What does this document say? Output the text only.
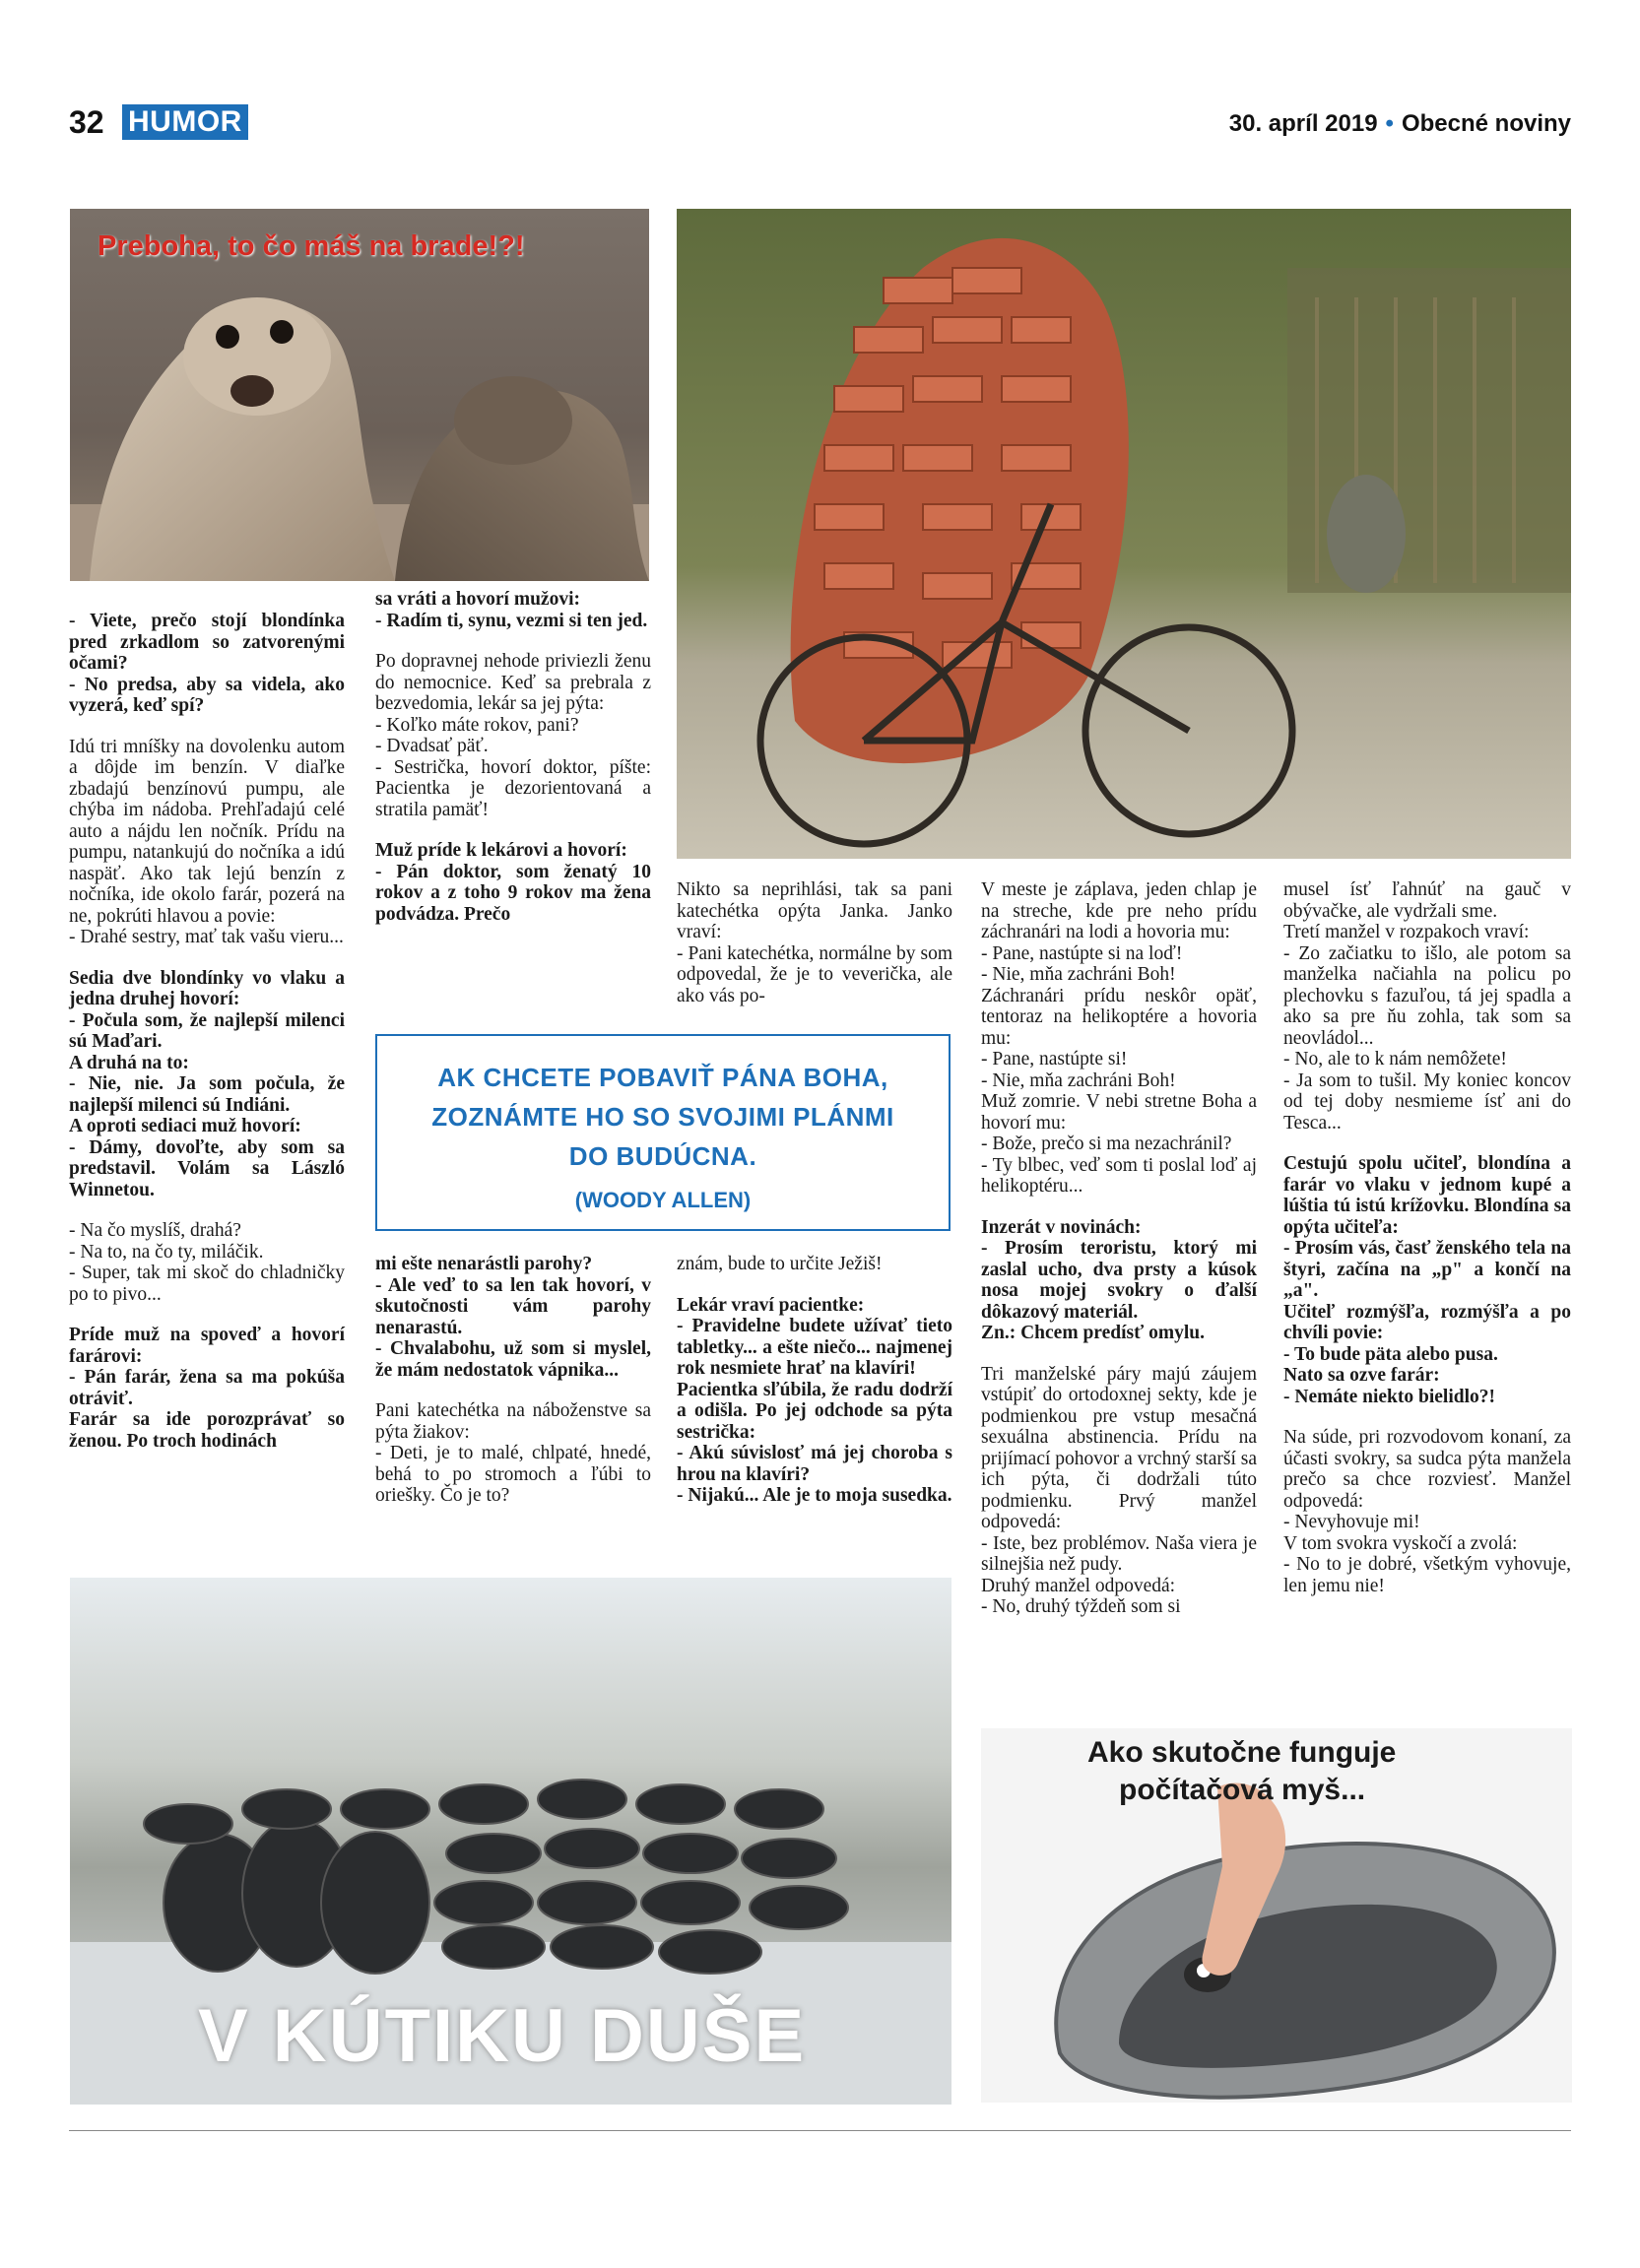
32 HUMOR	30. apríl 2019 • Obecné noviny
Preboha, to čo máš na brade!?!

- Viete, prečo stojí blondínka pred zrkadlom so zatvorenými očami?
- No predsa, aby sa videla, ako vyzerá, keď spí?

Idú tri mníšky na dovolenku autom a dôjde im benzín. V diaľke zbadajú benzínovú pumpu, ale chýba im nádoba. Prehľadajú celé auto a nájdu len nočník. Prídu na pumpu, natankujú do nočníka a idú naspäť. Ako tak lejú benzín z nočníka, ide okolo farár, pozerá na ne, pokrúti hlavou a povie:
- Drahé sestry, mať tak vašu vieru...

Sedia dve blondínky vo vlaku a jedna druhej hovorí:
- Počula som, že najlepší milenci sú Maďari.
A druhá na to:
- Nie, nie. Ja som počula, že najlepší milenci sú Indiáni.
A oproti sediaci muž hovorí:
- Dámy, dovoľte, aby som sa predstavil. Volám sa László Winnetou.

- Na čo myslíš, drahá?
- Na to, na čo ty, miláčik.
- Super, tak mi skoč do chladničky po to pivo...

Príde muž na spoveď a hovorí farárovi:
- Pán farár, žena sa ma pokúša otráviť.
Farár sa ide porozprávať so ženou. Po troch hodinách

sa vráti a hovorí mužovi:
- Radím ti, synu, vezmi si ten jed.

Po dopravnej nehode priviezli ženu do nemocnice. Keď sa prebrala z bezvedomia, lekár sa jej pýta:
- Koľko máte rokov, pani?
- Dvadsať päť.
- Sestrička, hovorí doktor, píšte: Pacientka je dezorientovaná a stratila pamäť!

Muž príde k lekárovi a hovorí:
- Pán doktor, som ženatý 10 rokov a z toho 9 rokov ma žena podvádza. Prečo

Nikto sa neprihlási, tak sa pani katechétka opýta Janka. Janko vraví:
- Pani katechétka, normálne by som odpovedal, že je to veverička, ale ako vás po-

AK CHCETE POBAVIŤ PÁNA BOHA,
ZOZNÁMTE HO SO SVOJIMI PLÁNMI
DO BUDÚCNA.
(WOODY ALLEN)

mi ešte nenarástli parohy?
- Ale veď to sa len tak hovorí, v skutočnosti vám parohy nenarastú.
- Chvalabohu, už som si myslel, že mám nedostatok vápnika...

Pani katechétka na náboženstve sa pýta žiakov:
- Deti, je to malé, chlpaté, hnedé, behá to po stromoch a ľúbi to oriešky. Čo je to?

znám, bude to určite Ježiš!

Lekár vraví pacientke:
- Pravidelne budete užívať tieto tabletky... a ešte niečo... najmenej rok nesmiete hrať na klavíri!
Pacientka sľúbila, že radu dodrží a odišla. Po jej odchode sa pýta sestrička:
- Akú súvislosť má jej choroba s hrou na klavíri?
- Nijakú... Ale je to moja susedka.

V meste je záplava, jeden chlap je na streche, kde pre neho prídu záchranári na lodi a hovoria mu:
- Pane, nastúpte si na loď!
- Nie, mňa zachráni Boh!
Záchranári prídu neskôr opäť, tentoraz na helikoptére a hovoria mu:
- Pane, nastúpte si!
- Nie, mňa zachráni Boh!
Muž zomrie. V nebi stretne Boha a hovorí mu:
- Bože, prečo si ma nezachránil?
- Ty blbec, veď som ti poslal loď aj helikoptéru...

Inzerát v novinách:
- Prosím teroristu, ktorý mi zaslal ucho, dva prsty a kúsok nosa mojej svokry o ďalší dôkazový materiál.
Zn.: Chcem predísť omylu.

Tri manželské páry majú záujem vstúpiť do ortodoxnej sekty, kde je podmienkou pre vstup mesačná sexuálna abstinencia. Prídu na prijímací pohovor a vrchný starší sa ich pýta, či dodržali túto podmienku. Prvý manžel odpovedá:
- Iste, bez problémov. Naša viera je silnejšia než pudy.
Druhý manžel odpovedá:
- No, druhý týždeň som si

musel ísť ľahnúť na gauč v obývačke, ale vydržali sme.
Tretí manžel v rozpakoch vraví:
- Zo začiatku to išlo, ale potom sa manželka načiahla na policu po plechovku s fazuľou, tá jej spadla a ako sa pre ňu zohla, tak som sa neovládol...
- No, ale to k nám nemôžete!
- Ja som to tušil. My koniec koncov od tej doby nesmieme ísť ani do Tesca...

Cestujú spolu učiteľ, blondína a farár vo vlaku v jednom kupé a lúštia tú istú krížovku. Blondína sa opýta učiteľa:
- Prosím vás, časť ženského tela na štyri, začína na „p" a končí na „a".
Učiteľ rozmýšľa, rozmýšľa a po chvíli povie:
- To bude päta alebo pusa.
Nato sa ozve farár:
- Nemáte niekto bielidlo?!

Na súde, pri rozvodovom konaní, za účasti svokry, sa sudca pýta manžela prečo sa chce rozviesť. Manžel odpovedá:
- Nevyhovuje mi!
V tom svokra vyskočí a zvolá:
- No to je dobré, všetkým vyhovuje, len jemu nie!

V KÚTIKU DUŠE
Ako skutočne funguje
počítačová myš...
